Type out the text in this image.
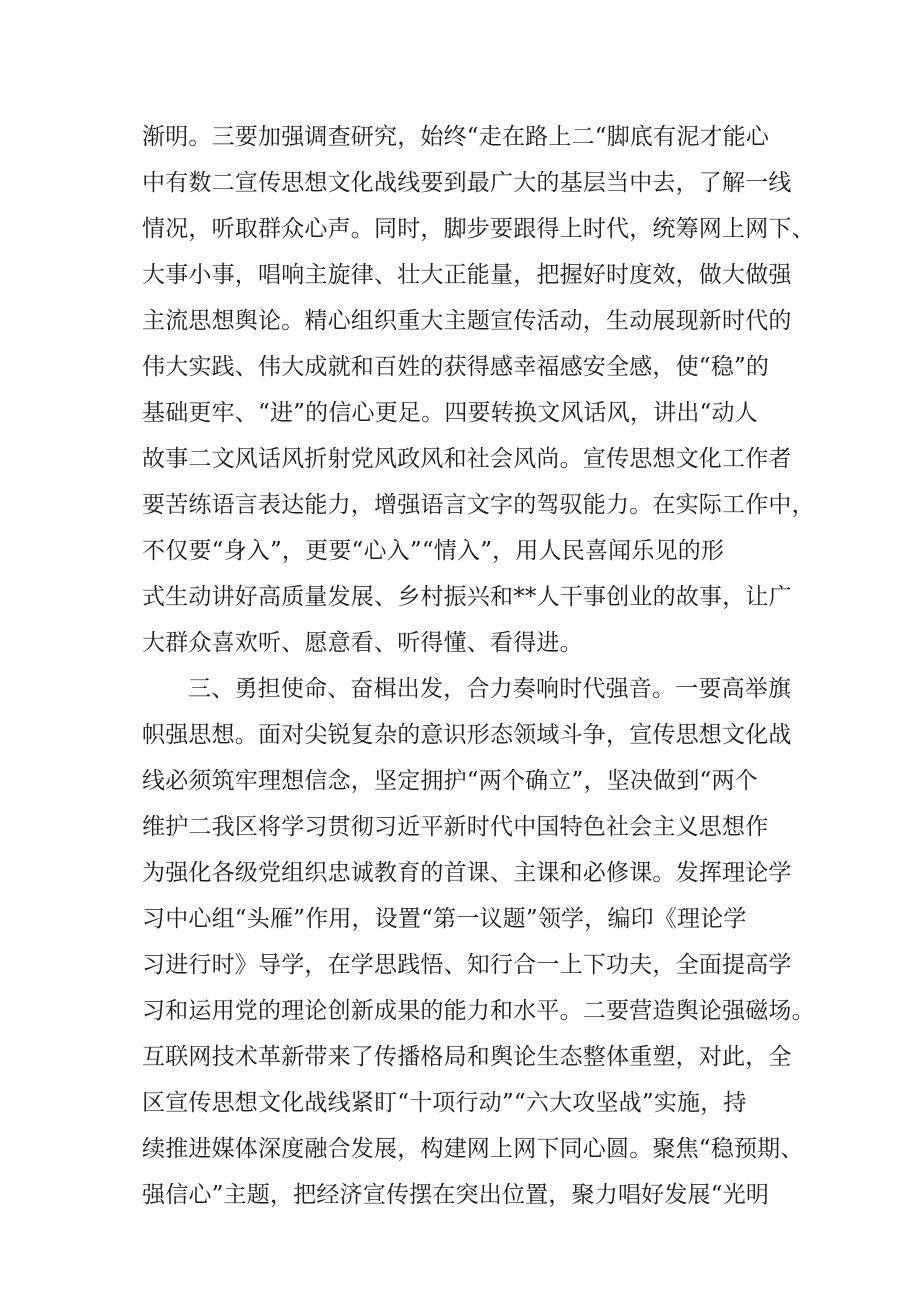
渐明。三要加强调查研究，始终“走在路上二“脚底有泥才能心
中有数二宣传思想文化战线要到最广大的基层当中去，了解一线
情况，听取群众心声。同时，脚步要跟得上时代，统筹网上网下、
大事小事，唱响主旋律、壮大正能量，把握好时度效，做大做强
主流思想舆论。精心组织重大主题宣传活动，生动展现新时代的
伟大实践、伟大成就和百姓的获得感幸福感安全感，使“稳”的
基础更牢、“进”的信心更足。四要转换文风话风，讲出“动人
故事二文风话风折射党风政风和社会风尚。宣传思想文化工作者
要苦练语言表达能力，增强语言文字的驾驭能力。在实际工作中，
不仅要“身入”，更要“心入”“情入”，用人民喜闻乐见的形
式生动讲好高质量发展、乡村振兴和**人干事创业的故事，让广
大群众喜欢听、愿意看、听得懂、看得进。

三、勇担使命、奋楫出发，合力奏响时代强音。一要高举旗
帜强思想。面对尖锐复杂的意识形态领域斗争，宣传思想文化战
线必须筑牢理想信念，坚定拥护“两个确立”，坚决做到“两个
维护二我区将学习贯彻习近平新时代中国特色社会主义思想作
为强化各级党组织忠诚教育的首课、主课和必修课。发挥理论学
习中心组“头雁”作用，设置“第一议题”领学，编印《理论学
习进行时》导学，在学思践悟、知行合一上下功夫，全面提高学
习和运用党的理论创新成果的能力和水平。二要营造舆论强磁场。
互联网技术革新带来了传播格局和舆论生态整体重塑，对此，全
区宣传思想文化战线紧盯“十项行动”“六大攻坚战”实施，持
续推进媒体深度融合发展，构建网上网下同心圆。聚焦“稳预期、
强信心”主题，把经济宣传摆在突出位置，聚力唱好发展“光明
